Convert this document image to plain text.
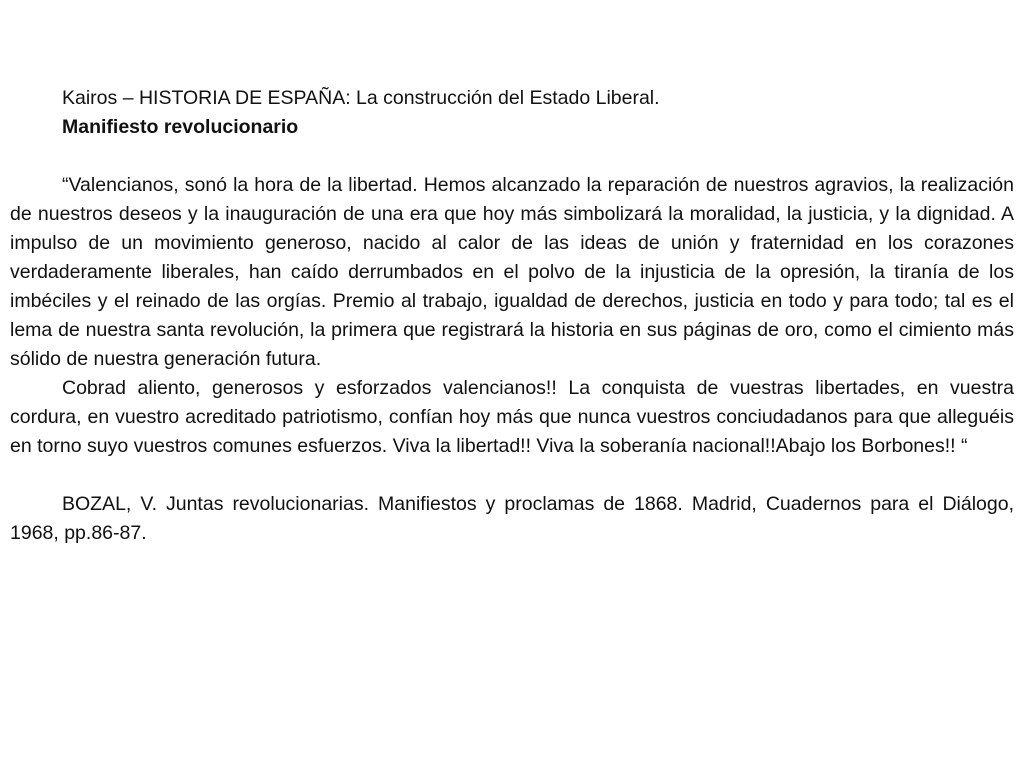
Kairos – HISTORIA DE ESPAÑA: La construcción del Estado Liberal.
Manifiesto revolucionario

“Valencianos, sonó la hora de la libertad. Hemos alcanzado la reparación de nuestros agravios, la realización de nuestros deseos y la inauguración de una era que hoy más simbolizará la moralidad, la justicia, y la dignidad. A impulso de un movimiento generoso, nacido al calor de las ideas de unión y fraternidad en los corazones verdaderamente liberales, han caído derrumbados en el polvo de la injusticia de la opresión, la tiranía de los imbéciles y el reinado de las orgías. Premio al trabajo, igualdad de derechos, justicia en todo y para todo; tal es el lema de nuestra santa revolución, la primera que registrará la historia en sus páginas de oro, como el cimiento más sólido de nuestra generación futura.

Cobrad aliento, generosos y esforzados valencianos!! La conquista de vuestras libertades, en vuestra cordura, en vuestro acreditado patriotismo, confían hoy más que nunca vuestros conciudadanos para que alleguéis en torno suyo vuestros comunes esfuerzos. Viva la libertad!! Viva la soberanía nacional!!Abajo los Borbones!! “

BOZAL, V. Juntas revolucionarias. Manifiestos y proclamas de 1868. Madrid, Cuadernos para el Diálogo, 1968, pp.86-87.
